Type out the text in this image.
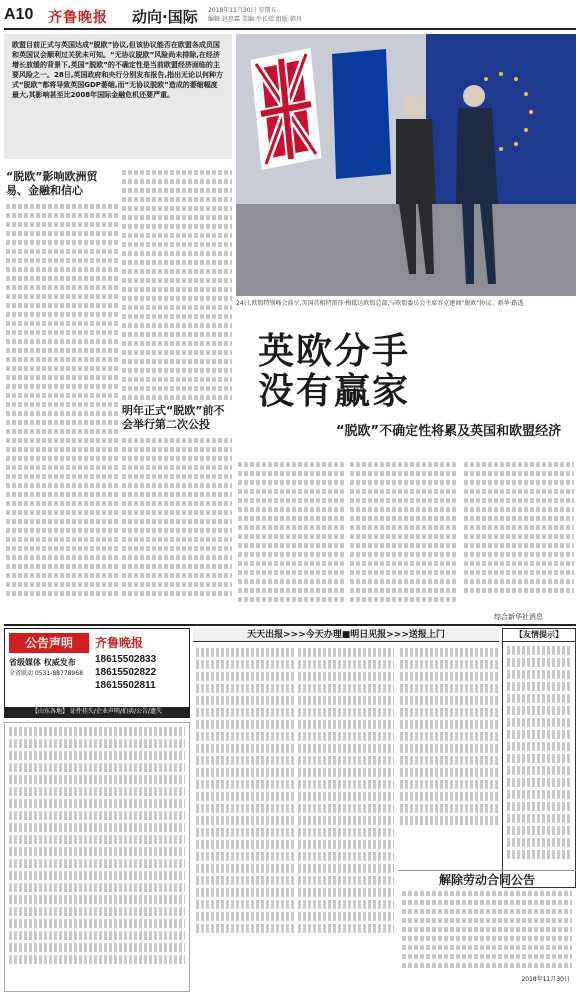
A10 齐鲁晚报 动向·国际 2018年11月30日 星期五
编辑:赵思霖 美编:牛长靖 组版:韩舟
欧盟目前正式与英国达成“脱欧”协议,但该协议能否在欧盟各成员国和英国议会顺利过关犹未可知。“无协议脱欧”风险尚未排除,在经济增长放缓的背景下,英国“脱欧”的不确定性是当前欧盟经济面临的主要风险之一。28日,英国政府和央行分别发布报告,指出无论以何种方式“脱欧”都将导致英国GDP萎缩,而“无协议脱欧”造成的萎缩幅度最大,其影响甚至比2008年国际金融危机还要严重。
24日,欧盟特别峰会前夕,英国首相特雷莎·梅抵达欧盟总部,与欧盟委员会主席容克建商“脱欧”协议。新华·路透
英欧分手
没有赢家
“脱欧”不确定性将累及英国和欧盟经济
“脱欧”影响欧洲贸易、金融和信心
明年正式“脱欧”前不会举行第二次公投
综合新华社消息
公告声明	齐鲁晚报
省级媒体 权威发布
全省联动 0531-88778968
18615502833
18615502822
18615502811
【山东各地】 证件挂失/企业声明/拍卖/公告/遗失
天天出报>>>今天办理■明日见报>>>送报上门	【友情提示】
解除劳动合同公告
2018年11月30日
